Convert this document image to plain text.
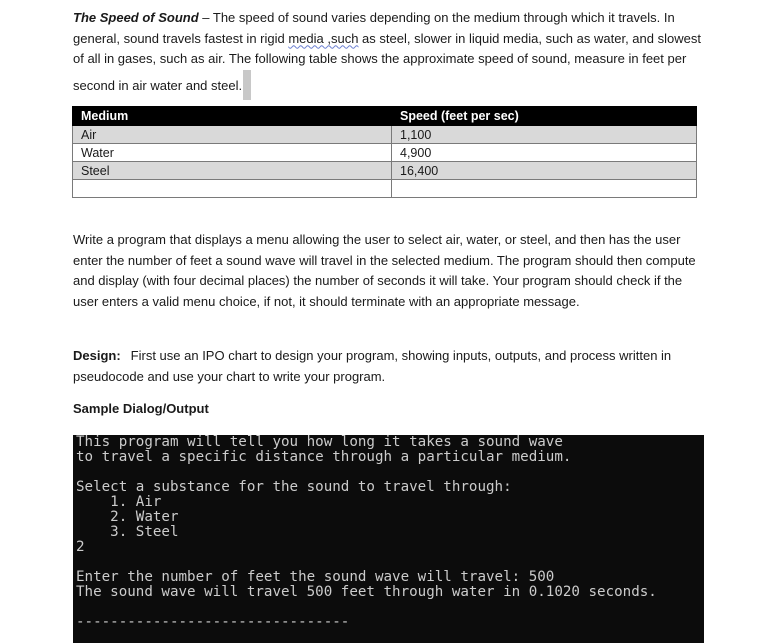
The Speed of Sound – The speed of sound varies depending on the medium through which it travels. In general, sound travels fastest in rigid media ,such as steel, slower in liquid media, such as water, and slowest of all in gases, such as air. The following table shows the approximate speed of sound, measure in feet per second in air water and steel.

Medium	Speed (feet per sec)
Air	1,100
Water	4,900
Steel	16,400

Write a program that displays a menu allowing the user to select air, water, or steel, and then has the user enter the number of feet a sound wave will travel in the selected medium. The program should then compute and display (with four decimal places) the number of seconds it will take. Your program should check if the user enters a valid menu choice, if not, it should terminate with an appropriate message.

Design: First use an IPO chart to design your program, showing inputs, outputs, and process written in pseudocode and use your chart to write your program.

Sample Dialog/Output

This program will tell you how long it takes a sound wave
to travel a specific distance through a particular medium.
Select a substance for the sound to travel through:
1. Air
2. Water
3. Steel
2
Enter the number of feet the sound wave will travel: 500
The sound wave will travel 500 feet through water in 0.1020 seconds.
--------------------------------
